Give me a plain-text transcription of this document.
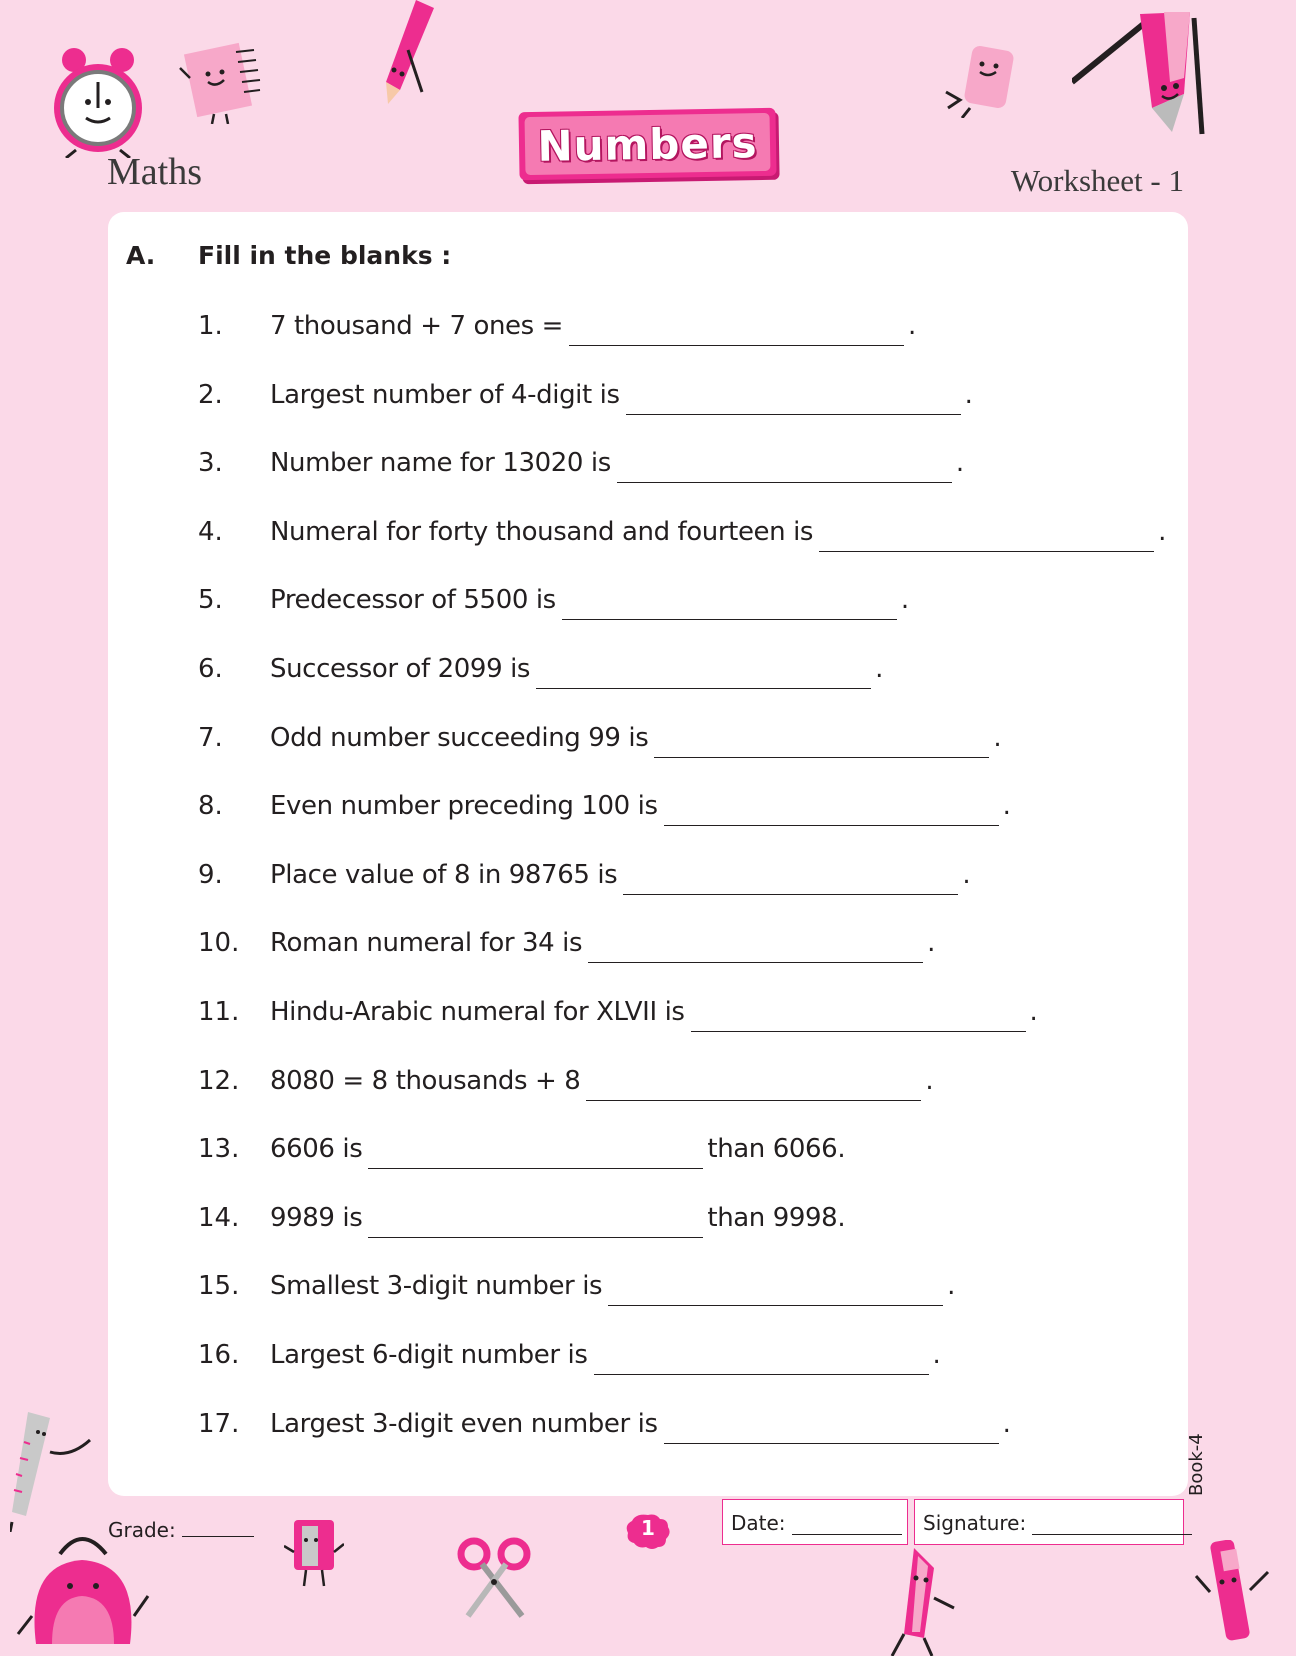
Maths
Numbers
Worksheet - 1
A. Fill in the blanks :
1. 7 thousand + 7 ones =	.
2. Largest number of 4-digit is	.
3. Number name for 13020 is	.
4. Numeral for forty thousand and fourteen is	.
5. Predecessor of 5500 is	.
6. Successor of 2099 is	.
7. Odd number succeeding 99 is	.
8. Even number preceding 100 is	.
9. Place value of 8 in 98765 is	.
10. Roman numeral for 34 is	.
11. Hindu-Arabic numeral for XLVII is	.
12. 8080 = 8 thousands + 8	.
13. 6606 is	than 6066.
14. 9989 is	than 9998.
15. Smallest 3-digit number is	.
16. Largest 6-digit number is	.
17. Largest 3-digit even number is	.
Book-4
Grade:	1	Date:	Signature:
